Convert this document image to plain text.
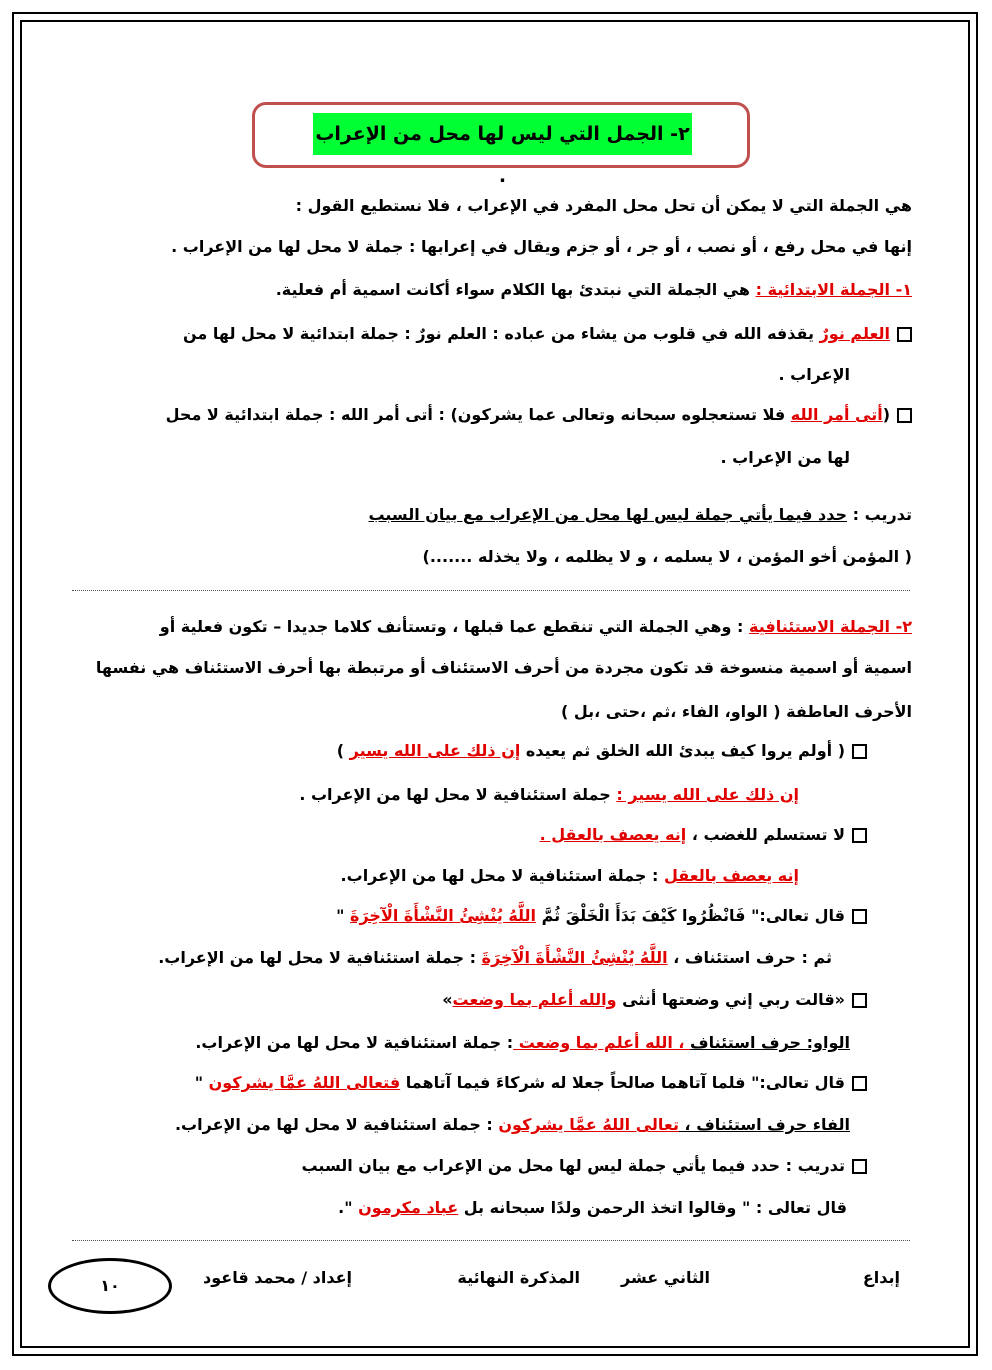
٢- الجمل التي ليس لها محل من الإعراب .
هي الجملة التي لا يمكن أن تحل محل المفرد في الإعراب ، فلا نستطيع القول :
إنها في محل رفع ، أو نصب ، أو جر ، أو جزم ويقال في إعرابها : جملة لا محل لها من الإعراب .
١- الجملة الابتدائية : هي الجملة التي نبتدئ بها الكلام سواء أكانت اسمية أم فعلية.
العلم نورٌ يقذفه الله في قلوب من يشاء من عباده : العلم نورٌ : جملة ابتدائية لا محل لها من
الإعراب .
(أتى أمر الله فلا تستعجلوه سبحانه وتعالى عما يشركون) : أتى أمر الله : جملة ابتدائية لا محل
لها من الإعراب .
تدريب : حدد فيما يأتي جملة ليس لها محل من الإعراب مع بيان السبب
( المؤمن أخو المؤمن ، لا يسلمه ، و لا يظلمه ، ولا يخذله .......)
٢- الجملة الاستئنافية : وهي الجملة التي تنقطع عما قبلها ، وتستأنف كلاما جديدا – تكون فعلية أو
اسمية أو اسمية منسوخة قد تكون مجردة من أحرف الاستئناف أو مرتبطة بها أحرف الاستئناف هي نفسها
الأحرف العاطفة ( الواو، الفاء ،ثم ،حتى ،بل )
( أولم يروا كيف يبدئ الله الخلق ثم يعيده إن ذلك على الله يسير )
إن ذلك على الله يسير : جملة استئنافية لا محل لها من الإعراب .
لا تستسلم للغضب ، إنه يعصف بالعقل .
إنه يعصف بالعقل : جملة استئنافية لا محل لها من الإعراب.
قال تعالى:" فَانْظُرُوا كَيْفَ بَدَأَ الْخَلْقَ ثُمَّ اللَّهُ يُنْشِئُ النَّشْأَةَ الْآخِرَةَ "
ثم : حرف استئناف ، اللَّهُ يُنْشِئُ النَّشْأَةَ الْآخِرَةَ : جملة استئنافية لا محل لها من الإعراب.
«قالت ربي إني وضعتها أنثى والله أعلم بما وضعت»
الواو: حرف استئناف ، الله أعلم بما وضعت : جملة استئنافية لا محل لها من الإعراب.
قال تعالى:" فلما آتاهما صالحاً جعلا له شركاءَ فيما آتاهما فتعالى اللهُ عمَّا يشركون "
الفاء حرف استئناف ، تعالى اللهُ عمَّا يشركون : جملة استئنافية لا محل لها من الإعراب.
تدريب : حدد فيما يأتي جملة ليس لها محل من الإعراب مع بيان السبب
قال تعالى : " وقالوا اتخذ الرحمن ولدًا سبحانه بل عباد مكرمون ".
إبداع
الثاني عشر
المذكرة النهائية
إعداد / محمد قاعود
١٠
